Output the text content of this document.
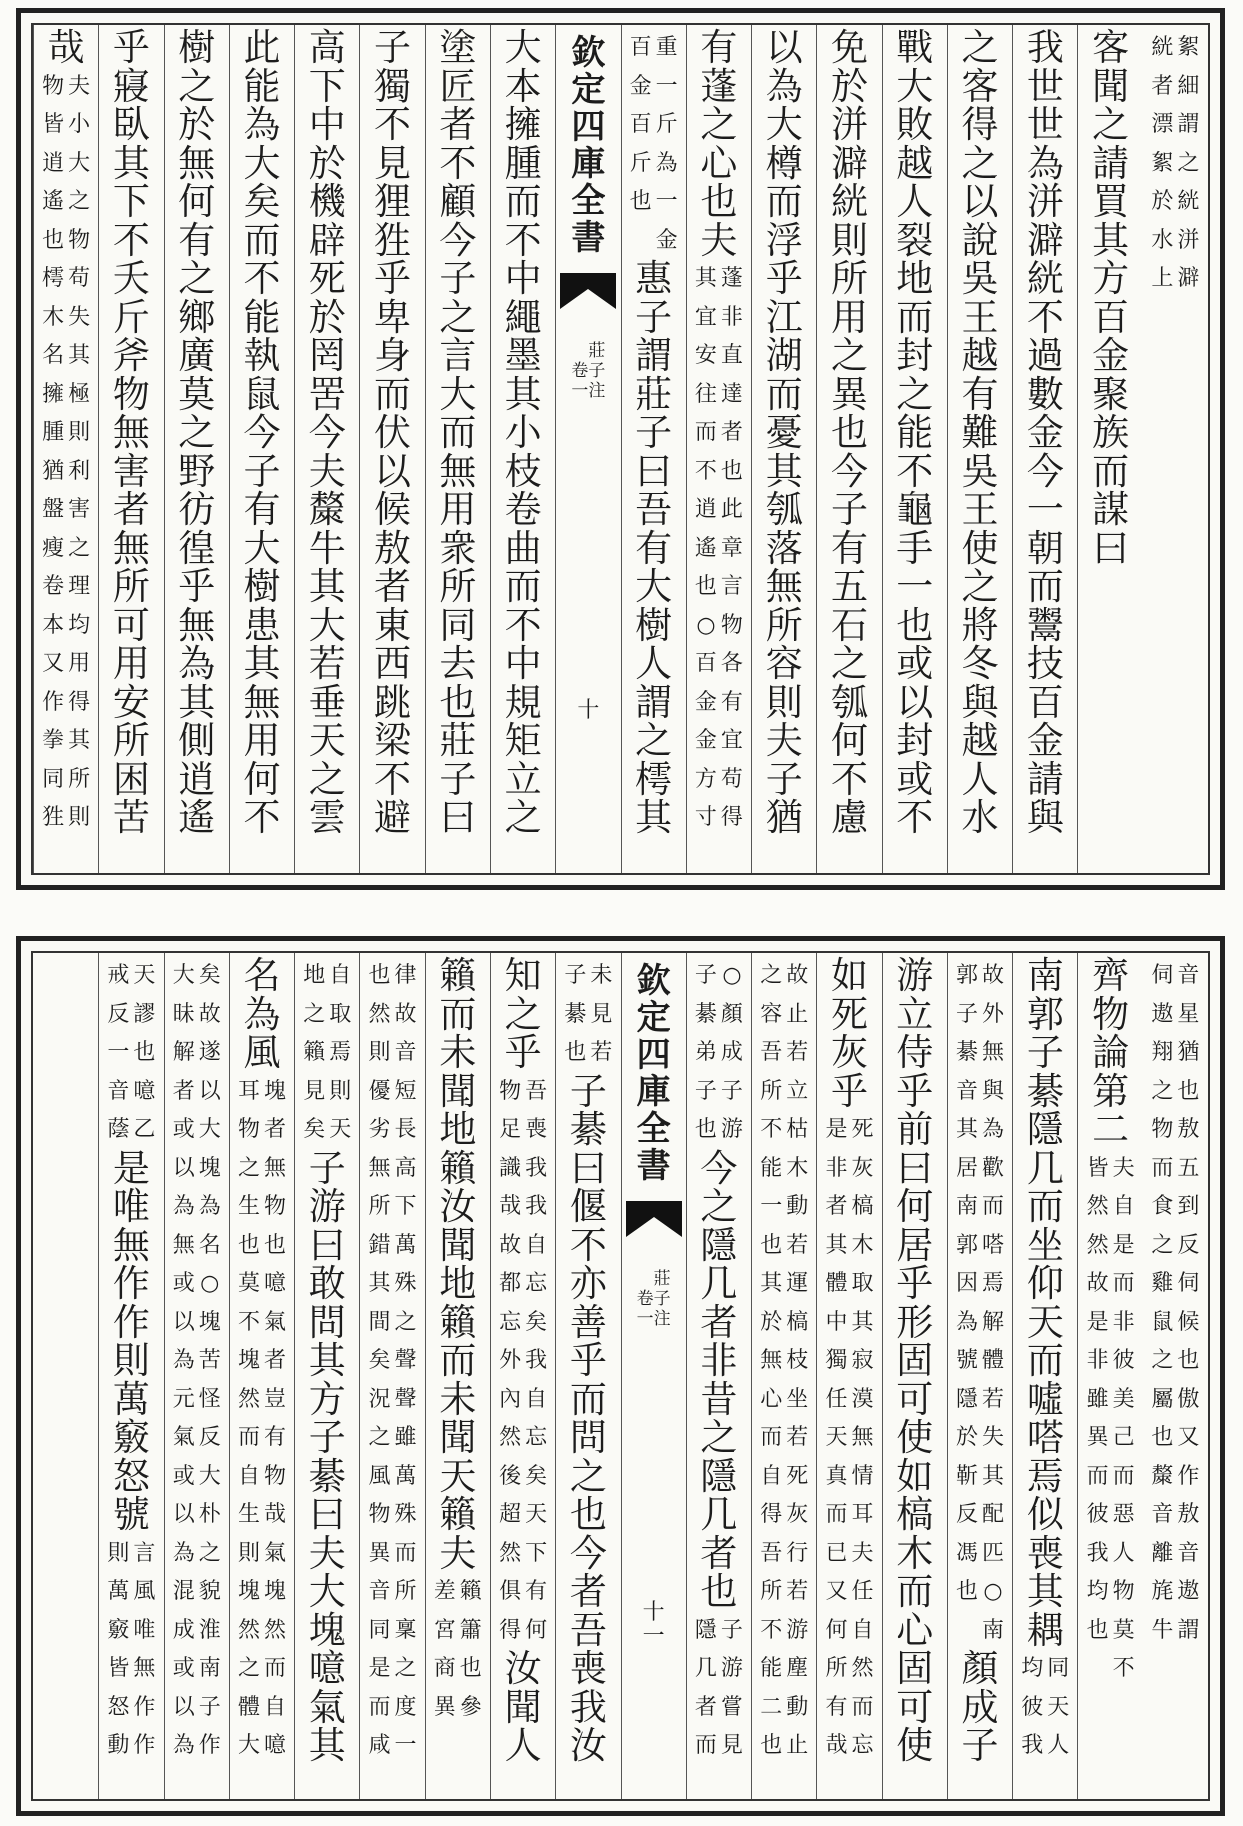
絮
細
謂
之
絖
洴
澼
絖
者
漂
絮
於
水
上
客
聞
之
請
買
其
方
百
金
聚
族
而
謀
曰
我
世
世
為
洴
澼
絖
不
過
數
金
今
一
朝
而
鬻
技
百
金
請
與
之
客
得
之
以
說
吳
王
越
有
難
吳
王
使
之
將
冬
與
越
人
水
戰
大
敗
越
人
裂
地
而
封
之
能
不
龜
手
一
也
或
以
封
或
不
免
於
洴
澼
絖
則
所
用
之
異
也
今
子
有
五
石
之
瓠
何
不
慮
以
為
大
樽
而
浮
乎
江
湖
而
憂
其
瓠
落
無
所
容
則
夫
子
猶
有
蓬
之
心
也
夫
蓬
非
直
達
者
也
此
章
言
物
各
有
宜
苟
得
其
宜
安
往
而
不
逍
遙
也
○
百
金
金
方
寸
重
一
斤
為
一
金
百
金
百
斤
也
惠
子
謂
莊
子
曰
吾
有
大
樹
人
謂
之
樗
其
欽
定
四
庫
全
書
莊
子
注
卷
一
十
大
本
擁
腫
而
不
中
繩
墨
其
小
枝
卷
曲
而
不
中
規
矩
立
之
塗
匠
者
不
顧
今
子
之
言
大
而
無
用
衆
所
同
去
也
莊
子
曰
子
獨
不
見
狸
狌
乎
卑
身
而
伏
以
候
敖
者
東
西
跳
梁
不
避
高
下
中
於
機
辟
死
於
罔
罟
今
夫
斄
牛
其
大
若
垂
天
之
雲
此
能
為
大
矣
而
不
能
執
鼠
今
子
有
大
樹
患
其
無
用
何
不
樹
之
於
無
何
有
之
鄉
廣
莫
之
野
彷
徨
乎
無
為
其
側
逍
遙
乎
寢
臥
其
下
不
夭
斤
斧
物
無
害
者
無
所
可
用
安
所
困
苦
哉
夫
小
大
之
物
苟
失
其
極
則
利
害
之
理
均
用
得
其
所
則
物
皆
逍
遙
也
樗
木
名
擁
腫
猶
盤
瘦
卷
本
又
作
拳
同
狌
音
星
猶
也
敖
五
到
反
伺
候
也
傲
又
作
敖
音
遨
謂
伺
遨
翔
之
物
而
食
之
雞
鼠
之
屬
也
斄
音
離
旄
牛
齊
物
論
第
二
夫
自
是
而
非
彼
美
己
而
惡
人
物
莫
不
皆
然
然
故
是
非
雖
異
而
彼
我
均
也
南
郭
子
綦
隱
几
而
坐
仰
天
而
噓
嗒
焉
似
喪
其
耦
同
天
人
均
彼
我
故
外
無
與
為
歡
而
嗒
焉
解
體
若
失
其
配
匹
○
南
郭
子
綦
音
其
居
南
郭
因
為
號
隱
於
靳
反
馮
也
顏
成
子
游
立
侍
乎
前
曰
何
居
乎
形
固
可
使
如
槁
木
而
心
固
可
使
如
死
灰
乎
死
灰
槁
木
取
其
寂
漠
無
情
耳
夫
任
自
然
而
忘
是
非
者
其
體
中
獨
任
天
真
而
已
又
何
所
有
哉
故
止
若
立
枯
木
動
若
運
槁
枝
坐
若
死
灰
行
若
游
塵
動
止
之
容
吾
所
不
能
一
也
其
於
無
心
而
自
得
吾
所
不
能
二
也
○
顏
成
子
游
子
綦
弟
子
也
今
之
隱
几
者
非
昔
之
隱
几
者
也
子
游
嘗
見
隱
几
者
而
欽
定
四
庫
全
書
莊
子
注
卷
一
十
一
未
見
若
子
綦
也
子
綦
曰
偃
不
亦
善
乎
而
問
之
也
今
者
吾
喪
我
汝
知
之
乎
吾
喪
我
我
自
忘
矣
我
自
忘
矣
天
下
有
何
物
足
識
哉
故
都
忘
外
內
然
後
超
然
俱
得
汝
聞
人
籟
而
未
聞
地
籟
汝
聞
地
籟
而
未
聞
天
籟
夫
籟
簫
也
參
差
宮
商
異
律
故
音
短
長
高
下
萬
殊
之
聲
聲
雖
萬
殊
而
所
稟
之
度
一
也
然
則
優
劣
無
所
錯
其
間
矣
況
之
風
物
異
音
同
是
而
咸
自
取
焉
則
天
地
之
籟
見
矣
子
游
曰
敢
問
其
方
子
綦
曰
夫
大
塊
噫
氣
其
名
為
風
塊
者
無
物
也
噫
氣
者
豈
有
物
哉
氣
塊
然
而
自
噫
耳
物
之
生
也
莫
不
塊
然
而
自
生
則
塊
然
之
體
大
矣
故
遂
以
大
塊
為
名
○
塊
苦
怪
反
大
朴
之
貌
淮
南
子
作
大
昧
解
者
或
以
為
無
或
以
為
元
氣
或
以
為
混
成
或
以
為
天
謬
也
噫
乙
戒
反
一
音
蔭
是
唯
無
作
作
則
萬
竅
怒
號
言
風
唯
無
作
作
則
萬
竅
皆
怒
動
